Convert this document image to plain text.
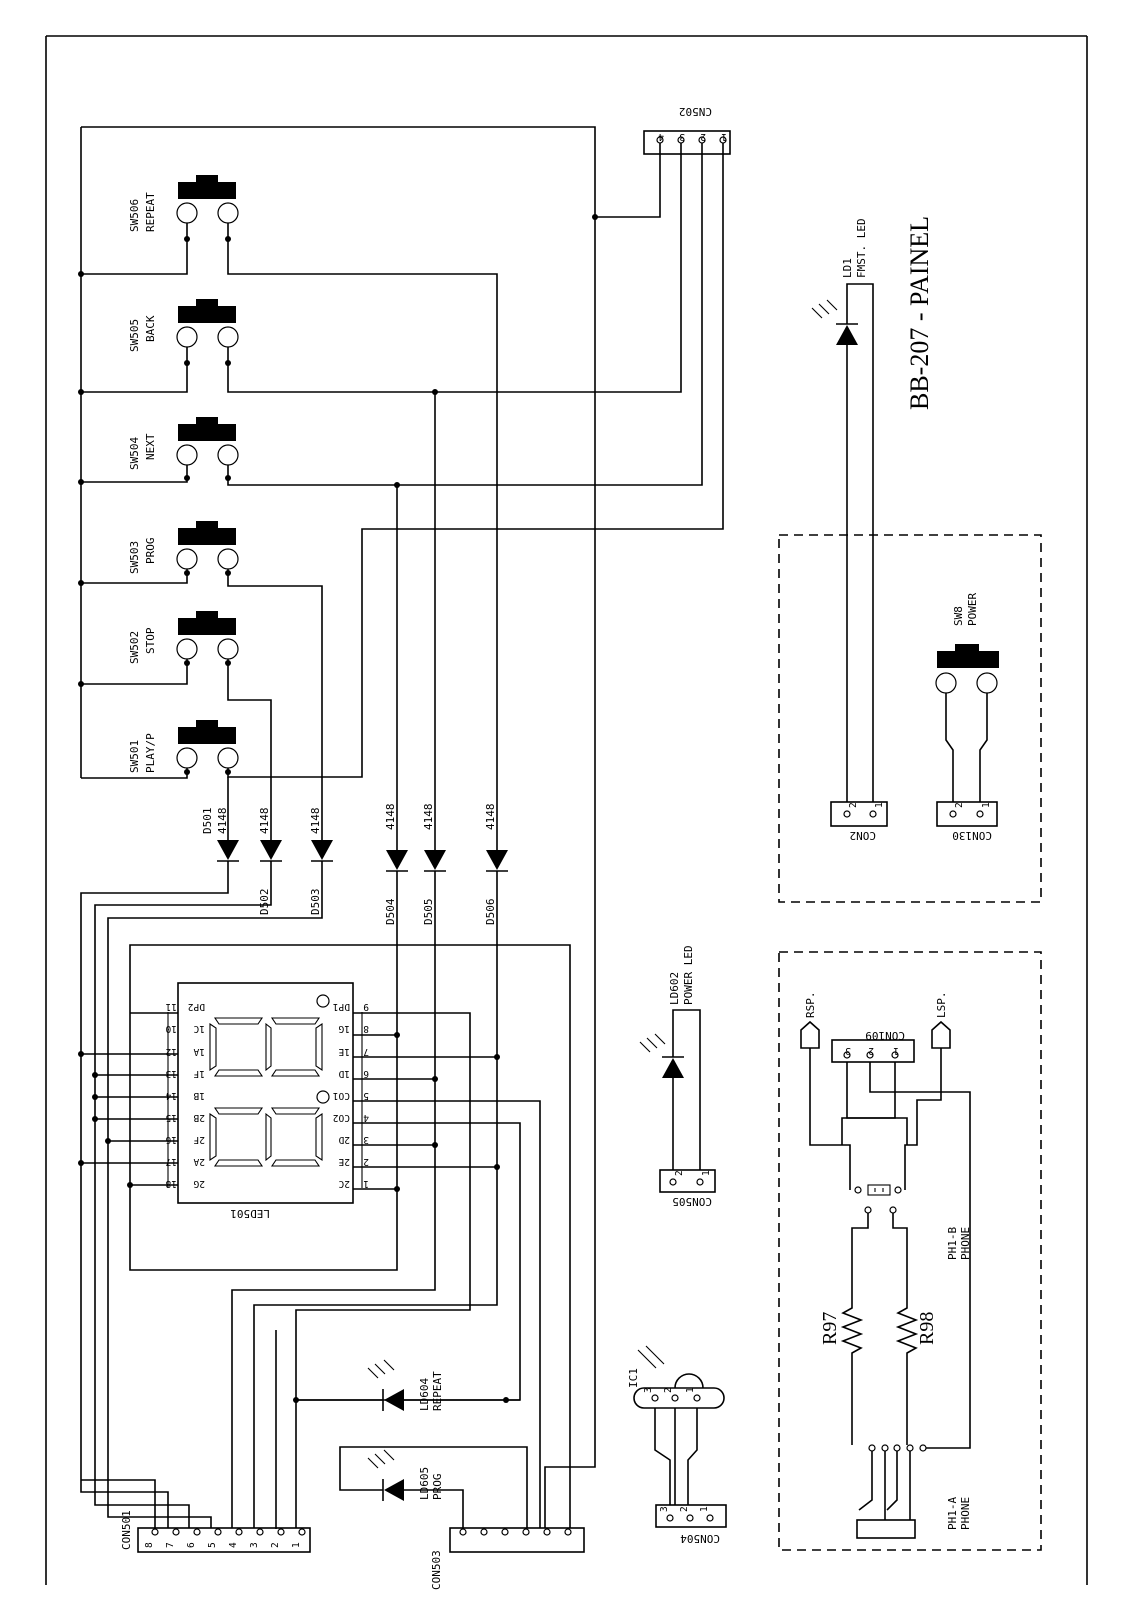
BB-207 - PAINEL
4 3 2 1
CN502
SW506 REPEAT
SW505 BACK
SW504 NEXT
SW503 PROG
SW502 STOP
SW501 PLAY/P
D501 4148	4148
D502
4148
D503
4148
D504
4148
D505
4148
D506
LED501
DP1
1G
1E
1D
CO1
CO2
2D
2E
2C
9
8
7
6
5
4
3
2
1
DP2
1C
1A
1F
1B
2B
2F
2A
2G
11
10
12
13
14
15
16
17
18
LD604 REPEAT
LD605 PROG
8 7 6 5 4 3 2 1
CON501
CON503
3 2 1
IC1
3 2 1
CON504
LD602 POWER LED
2 1
CON505
LD1 FMST. LED
2 1
CON2
SW8 POWER
2 1
CON130
RSP.	LSP.
3 2 1
CON109
PH1-B PHONE
R97	R98
PH1-A PHONE
